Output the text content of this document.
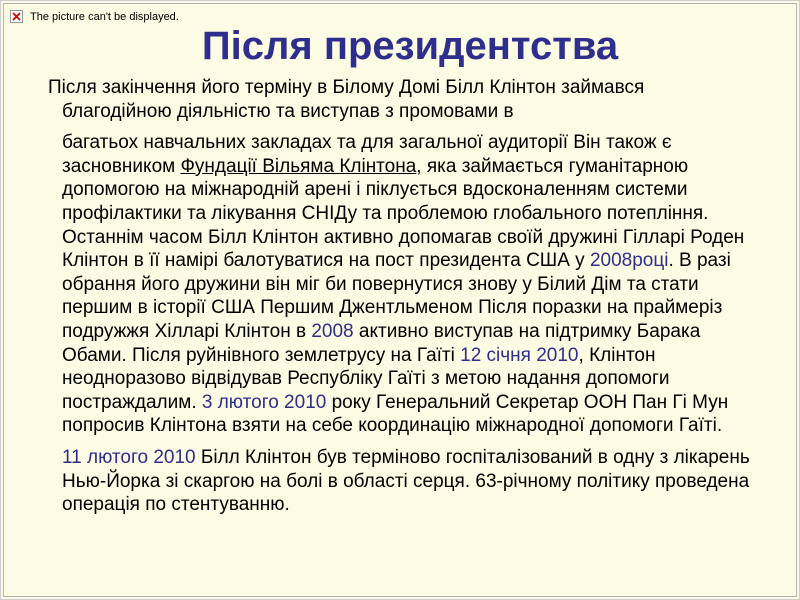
The picture can't be displayed.
Після президентства

Після закінчення його терміну в Білому Домі Білл Клінтон займався благодійною діяльністю та виступав з промовами в
багатьох навчальних закладах та для загальної аудиторії Він також є засновником Фундації Вільяма Клінтона, яка займається гуманітарною допомогою на міжнародній арені і піклується вдосконаленням системи профілактики та лікування СНІДу та проблемою глобального потепління. Останнім часом Білл Клінтон активно допомагав своїй дружині Гілларі Роден Клінтон в її намірі балотуватися на пост президента США у 2008році. В разі обрання його дружини він міг би повернутися знову у Білий Дім та стати першим в історії США Першим Джентльменом Після поразки на праймеріз подружжя Хілларі Клінтон в 2008 активно виступав на підтримку Барака Обами. Після руйнівного землетрусу на Гаїті 12 січня 2010, Клінтон неодноразово відвідував Республіку Гаїті з метою надання допомоги постраждалим. 3 лютого 2010 року Генеральний Секретар ООН Пан Гі Мун попросив Клінтона взяти на себе координацію міжнародної допомоги Гаїті.

11 лютого 2010 Білл Клінтон був терміново госпіталізований в одну з лікарень Нью-Йорка зі скаргою на болі в області серця. 63-річному політику проведена операція по стентуванню.
